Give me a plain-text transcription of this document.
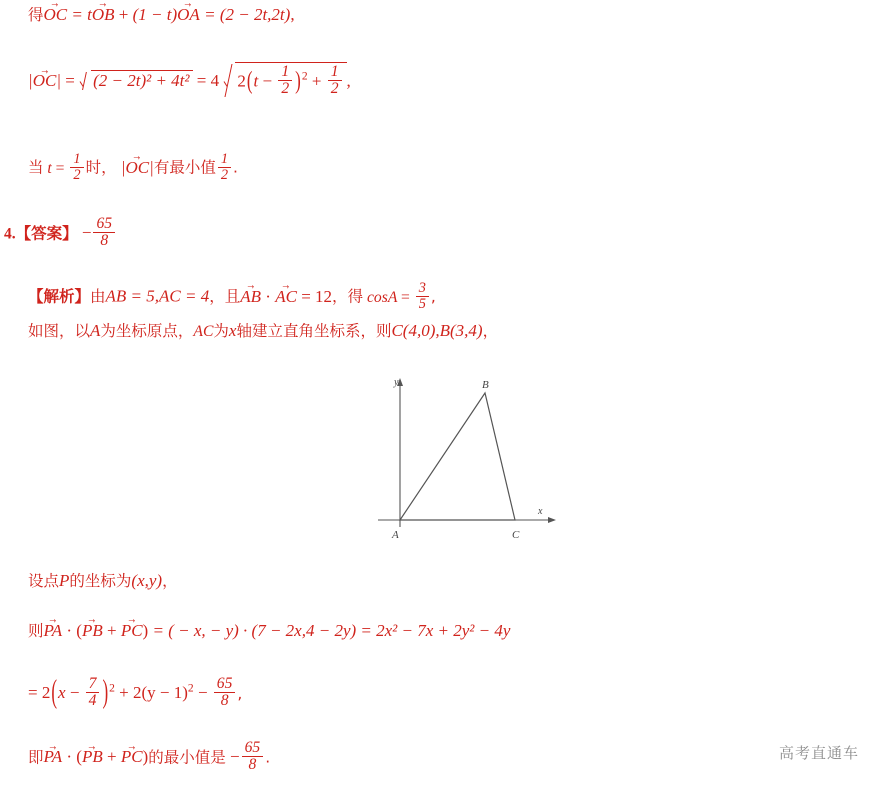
得OC → = tOB → + (1 − t)OA → = (2 − 2t,2t),
|OC →| = (2 − 2t)² + 4t² = 4 $2(t - \frac{1}{2} )^2 + \frac{1}{2}$ ,
当 $t = \frac{1}{2}$ 时， |OC →|有最小值 $\frac{1}{2}$ .
4.【答案】 − $\frac{65}{8}$
【解析】由AB = 5,AC = 4，且AB → · AC → = 12，得 $\cos A = \frac{3}{5}$ ,
如图，以A为坐标原点，AC为x轴建立直角坐标系，则C(4,0),B(3,4)，
A
B
C
x
y
设点P的坐标为(x,y)，
则PA → · (PB → + PC →) = ( − x, − y) · (7 − 2x,4 − 2y) = 2x² − 7x + 2y² − 4y
= $2(x - \frac{7}{4} )^2 + 2(y - 1)^2 - \frac{65}{8}$ ,
即PA → · (PB → + PC →)的最小值是 − $\frac{65}{8}$ .	高考直通车
